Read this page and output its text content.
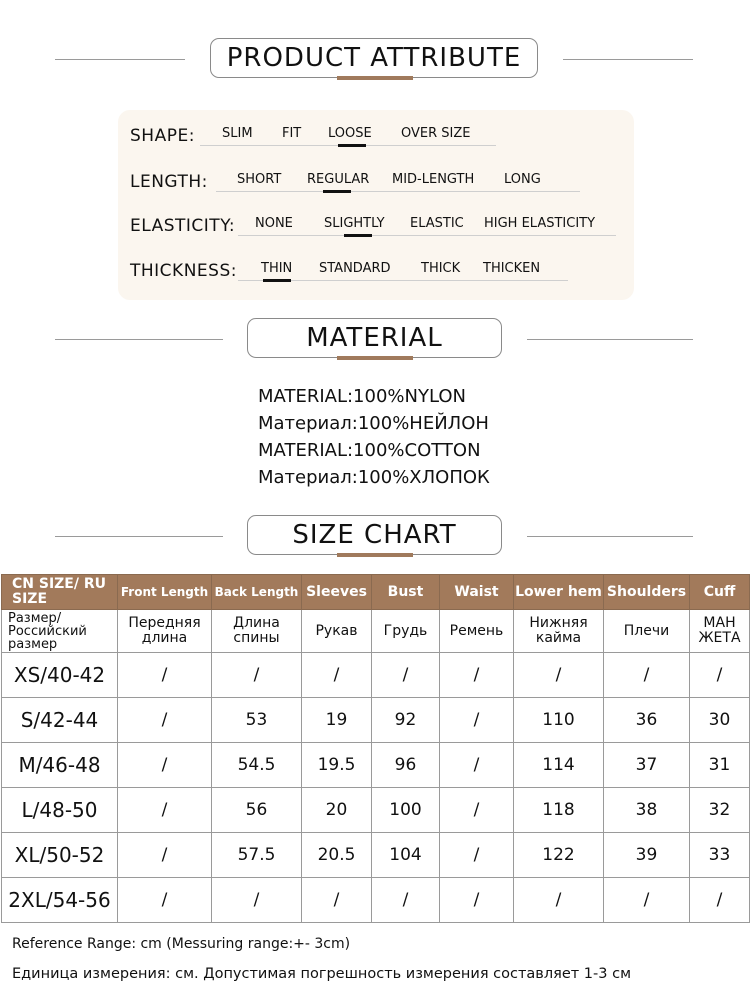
PRODUCT ATTRIBUTE
SHAPE: SLIM FIT LOOSE OVER SIZE
LENGTH: SHORT REGULAR MID-LENGTH LONG
ELASTICITY: NONE SLIGHTLY ELASTIC HIGH ELASTICITY
THICKNESS: THIN STANDARD THICK THICKEN
MATERIAL
MATERIAL:100%NYLON
Материал:100%НЕЙЛОН
MATERIAL:100%COTTON
Материал:100%ХЛОПОК
SIZE CHART
CN SIZE/ RU SIZE	Front Length	Back Length	Sleeves	Bust	Waist	Lower hem	Shoulders	Cuff
Размер/ Российский размер	Передняя длина	Длина спины	Рукав	Грудь	Ремень	Нижняя кайма	Плечи	МАН ЖЕТА
XS/40-42	/	/	/	/	/	/	/	/
S/42-44	/	53	19	92	/	110	36	30
M/46-48	/	54.5	19.5	96	/	114	37	31
L/48-50	/	56	20	100	/	118	38	32
XL/50-52	/	57.5	20.5	104	/	122	39	33
2XL/54-56	/	/	/	/	/	/	/	/
Reference Range: cm (Messuring range:+- 3cm)
Единица измерения: см. Допустимая погрешность измерения составляет 1-3 см
